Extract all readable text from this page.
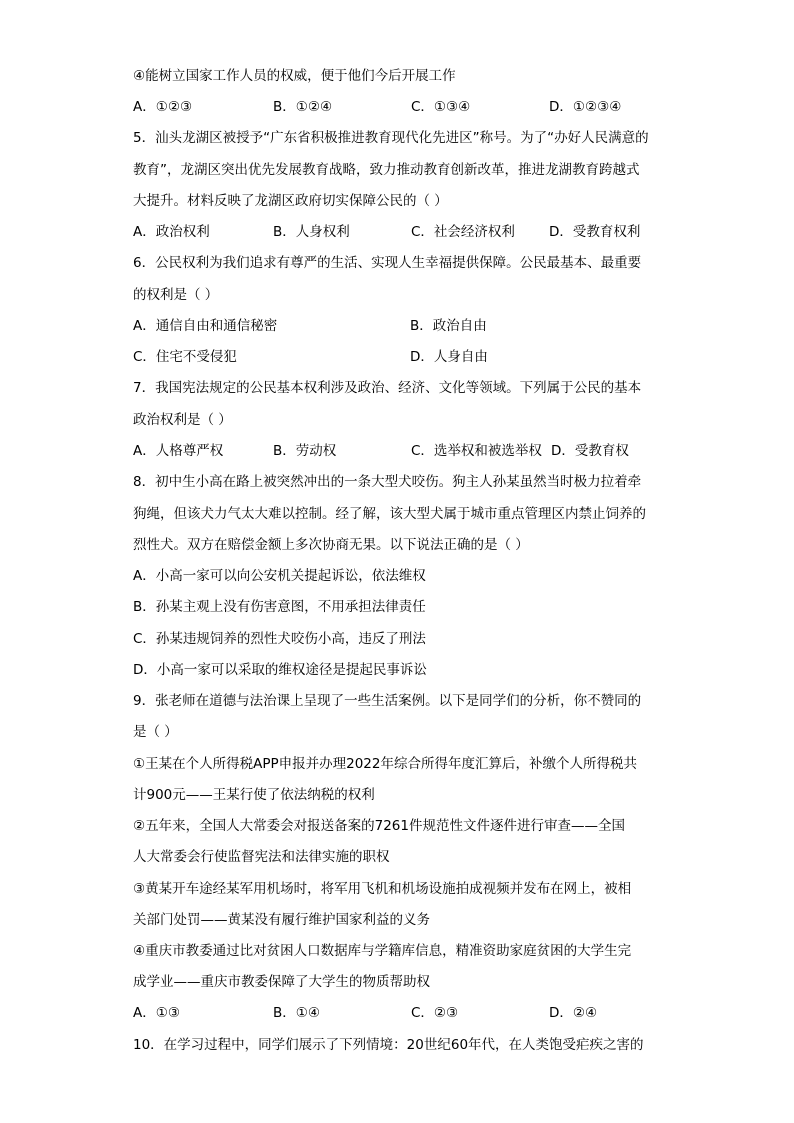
④能树立国家工作人员的权威，便于他们今后开展工作
A．①②③	B．①②④	C．①③④	D．①②③④
5．汕头龙湖区被授予“广东省积极推进教育现代化先进区”称号。为了“办好人民满意的
教育”，龙湖区突出优先发展教育战略，致力推动教育创新改革，推进龙湖教育跨越式
大提升。材料反映了龙湖区政府切实保障公民的（ ）
A．政治权利	B．人身权利	C．社会经济权利	D．受教育权利
6．公民权利为我们追求有尊严的生活、实现人生幸福提供保障。公民最基本、最重要
的权利是（ ）
A．通信自由和通信秘密	B．政治自由
C．住宅不受侵犯	D．人身自由
7．我国宪法规定的公民基本权利涉及政治、经济、文化等领域。下列属于公民的基本
政治权利是（ ）
A．人格尊严权	B．劳动权	C．选举权和被选举权 D．受教育权
8．初中生小高在路上被突然冲出的一条大型犬咬伤。狗主人孙某虽然当时极力拉着牵
狗绳，但该犬力气太大难以控制。经了解，该大型犬属于城市重点管理区内禁止饲养的
烈性犬。双方在赔偿金额上多次协商无果。以下说法正确的是（ ）
A．小高一家可以向公安机关提起诉讼，依法维权
B．孙某主观上没有伤害意图，不用承担法律责任
C．孙某违规饲养的烈性犬咬伤小高，违反了刑法
D．小高一家可以采取的维权途径是提起民事诉讼
9．张老师在道德与法治课上呈现了一些生活案例。以下是同学们的分析，你不赞同的
是（ ）
①王某在个人所得税APP申报并办理2022年综合所得年度汇算后，补缴个人所得税共
计900元——王某行使了依法纳税的权利
②五年来，全国人大常委会对报送备案的7261件规范性文件逐件进行审查——全国
人大常委会行使监督宪法和法律实施的职权
③黄某开车途经某军用机场时，将军用飞机和机场设施拍成视频并发布在网上，被相
关部门处罚——黄某没有履行维护国家利益的义务
④重庆市教委通过比对贫困人口数据库与学籍库信息，精准资助家庭贫困的大学生完
成学业——重庆市教委保障了大学生的物质帮助权
A．①③	B．①④	C．②③	D．②④
10．在学习过程中，同学们展示了下列情境：20世纪60年代，在人类饱受疟疾之害的
